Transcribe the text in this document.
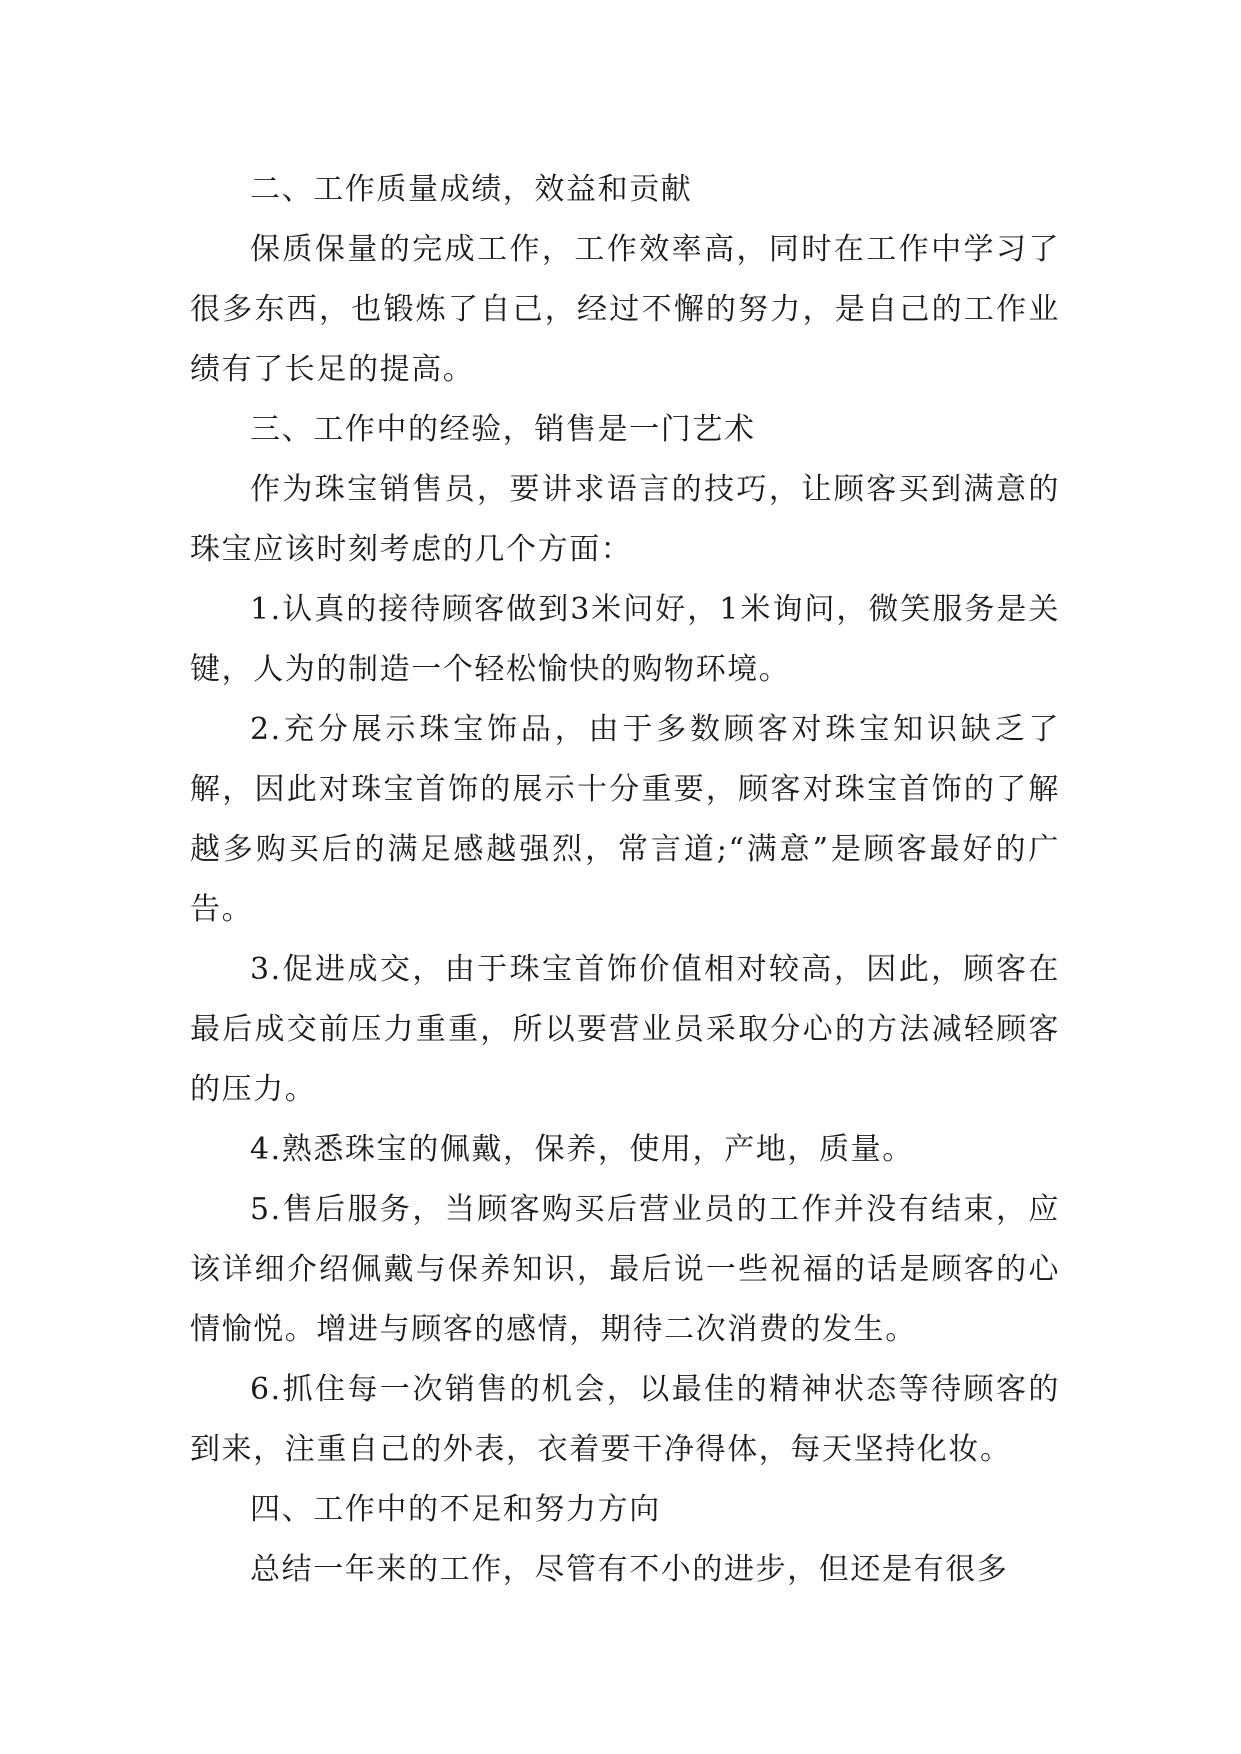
二、工作质量成绩，效益和贡献

保质保量的完成工作，工作效率高，同时在工作中学习了很多东西，也锻炼了自己，经过不懈的努力，是自己的工作业绩有了长足的提高。

三、工作中的经验，销售是一门艺术

作为珠宝销售员，要讲求语言的技巧，让顾客买到满意的珠宝应该时刻考虑的几个方面：

1.认真的接待顾客做到3米问好，1米询问，微笑服务是关键，人为的制造一个轻松愉快的购物环境。

2.充分展示珠宝饰品，由于多数顾客对珠宝知识缺乏了解，因此对珠宝首饰的展示十分重要，顾客对珠宝首饰的了解越多购买后的满足感越强烈，常言道;“满意”是顾客最好的广告。

3.促进成交，由于珠宝首饰价值相对较高，因此，顾客在最后成交前压力重重，所以要营业员采取分心的方法减轻顾客的压力。

4.熟悉珠宝的佩戴，保养，使用，产地，质量。

5.售后服务，当顾客购买后营业员的工作并没有结束，应该详细介绍佩戴与保养知识，最后说一些祝福的话是顾客的心情愉悦。增进与顾客的感情，期待二次消费的发生。

6.抓住每一次销售的机会，以最佳的精神状态等待顾客的到来，注重自己的外表，衣着要干净得体，每天坚持化妆。

四、工作中的不足和努力方向

总结一年来的工作，尽管有不小的进步，但还是有很多
